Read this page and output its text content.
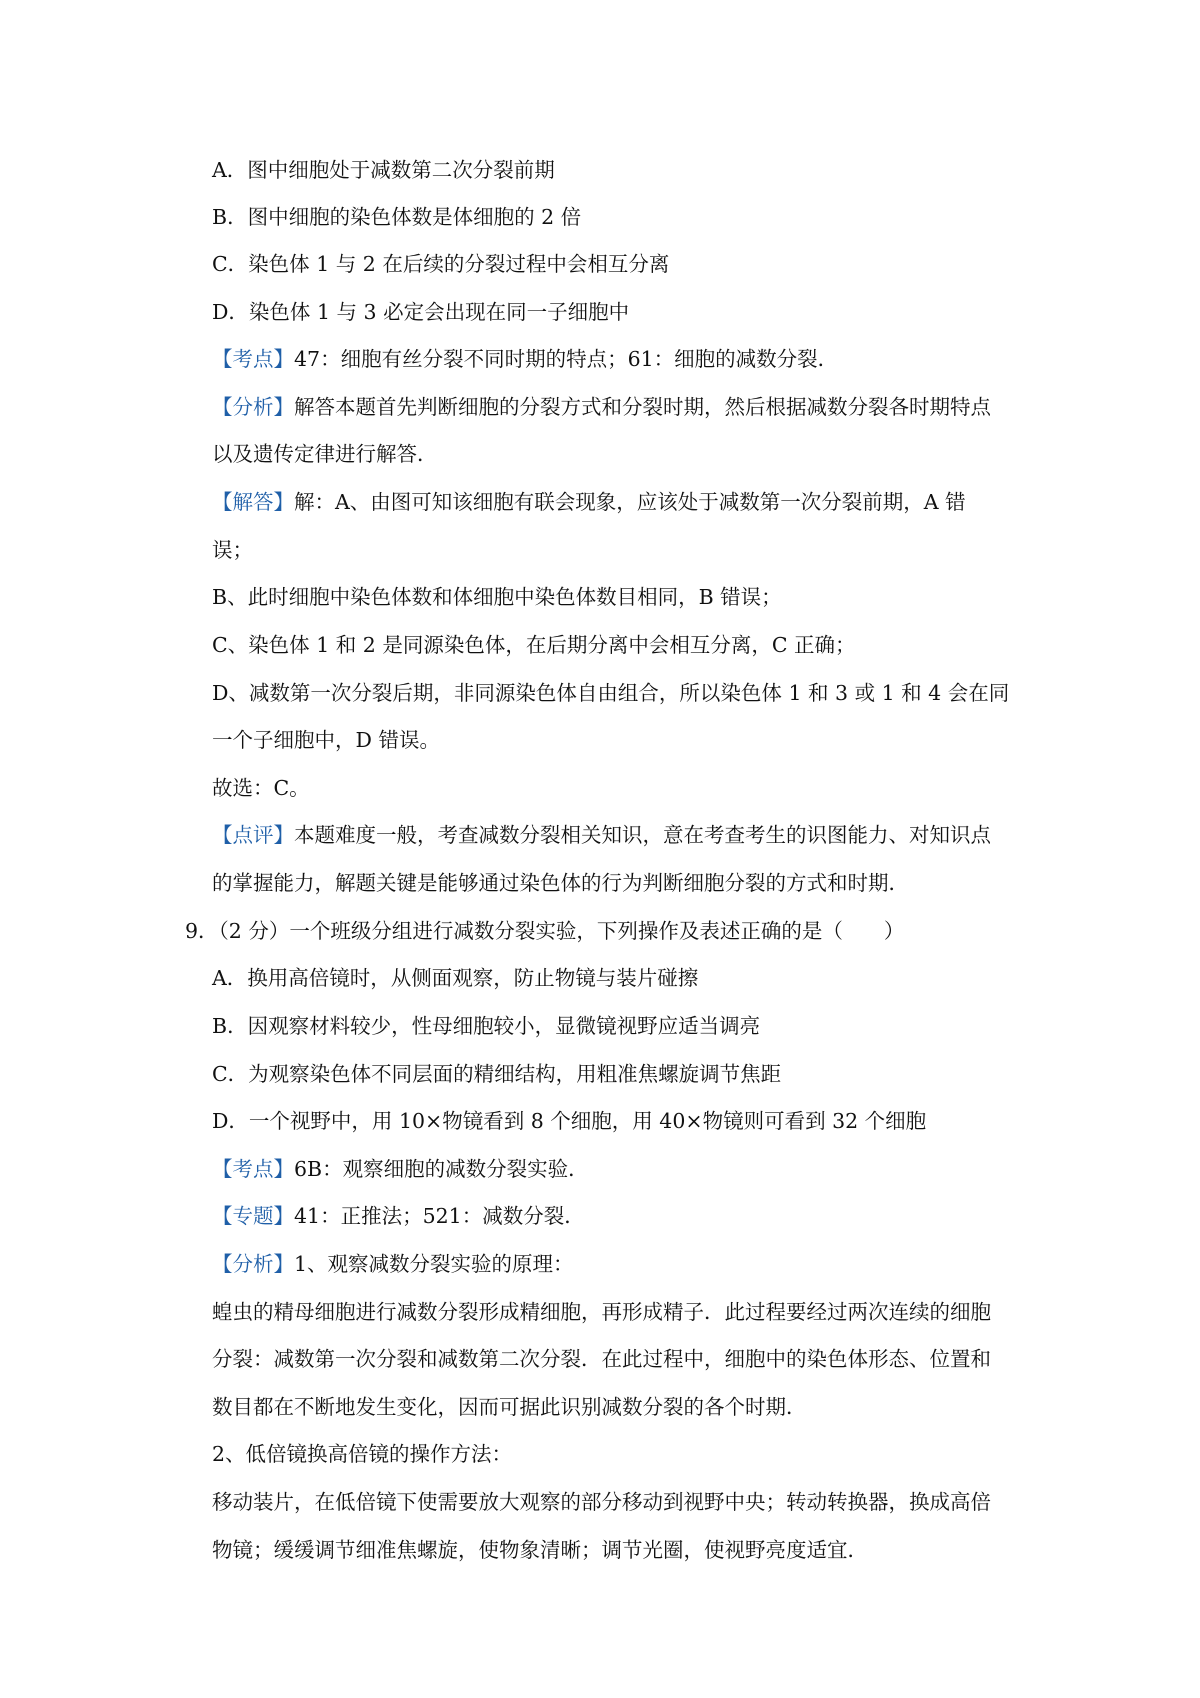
A．图中细胞处于减数第二次分裂前期
B．图中细胞的染色体数是体细胞的 2 倍
C．染色体 1 与 2 在后续的分裂过程中会相互分离
D．染色体 1 与 3 必定会出现在同一子细胞中
【考点】47：细胞有丝分裂不同时期的特点；61：细胞的减数分裂．
【分析】解答本题首先判断细胞的分裂方式和分裂时期，然后根据减数分裂各时期特点
以及遗传定律进行解答．
【解答】解：A、由图可知该细胞有联会现象，应该处于减数第一次分裂前期，A 错
误；
B、此时细胞中染色体数和体细胞中染色体数目相同，B 错误；
C、染色体 1 和 2 是同源染色体，在后期分离中会相互分离，C 正确；
D、减数第一次分裂后期，非同源染色体自由组合，所以染色体 1 和 3 或 1 和 4 会在同
一个子细胞中，D 错误。
故选：C。
【点评】本题难度一般，考查减数分裂相关知识，意在考查考生的识图能力、对知识点
的掌握能力，解题关键是能够通过染色体的行为判断细胞分裂的方式和时期．
9．（2 分）一个班级分组进行减数分裂实验，下列操作及表述正确的是（　　）
A．换用高倍镜时，从侧面观察，防止物镜与装片碰擦
B．因观察材料较少，性母细胞较小，显微镜视野应适当调亮
C．为观察染色体不同层面的精细结构，用粗准焦螺旋调节焦距
D．一个视野中，用 10×物镜看到 8 个细胞，用 40×物镜则可看到 32 个细胞
【考点】6B：观察细胞的减数分裂实验．
【专题】41：正推法；521：减数分裂．
【分析】1、观察减数分裂实验的原理：
蝗虫的精母细胞进行减数分裂形成精细胞，再形成精子．此过程要经过两次连续的细胞
分裂：减数第一次分裂和减数第二次分裂．在此过程中，细胞中的染色体形态、位置和
数目都在不断地发生变化，因而可据此识别减数分裂的各个时期．
2、低倍镜换高倍镜的操作方法：
移动装片，在低倍镜下使需要放大观察的部分移动到视野中央；转动转换器，换成高倍
物镜；缓缓调节细准焦螺旋，使物象清晰；调节光圈，使视野亮度适宜．
